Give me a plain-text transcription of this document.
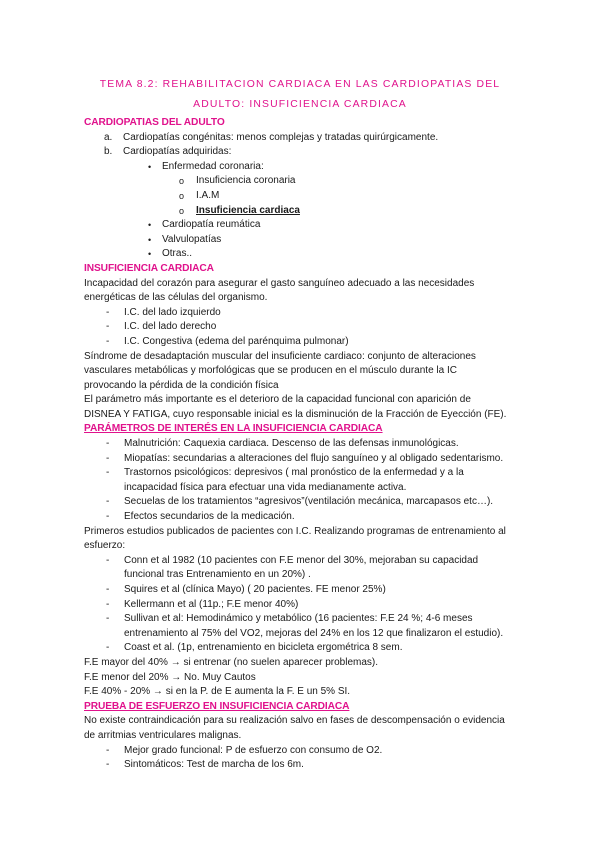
TEMA 8.2: REHABILITACION CARDIACA EN LAS CARDIOPATIAS DEL
ADULTO: INSUFICIENCIA CARDIACA
CARDIOPATIAS DEL ADULTO
a. Cardiopatías congénitas: menos complejas y tratadas quirúrgicamente.
b. Cardiopatías adquiridas:
• Enfermedad coronaria:
o Insuficiencia coronaria
o I.A.M
o Insuficiencia cardiaca
• Cardiopatía reumática
• Valvulopatías
• Otras..
INSUFICIENCIA CARDIACA
Incapacidad del corazón para asegurar el gasto sanguíneo adecuado a las necesidades
energéticas de las células del organismo.
- I.C. del lado izquierdo
- I.C. del lado derecho
- I.C. Congestiva (edema del parénquima pulmonar)
Síndrome de desadaptación muscular del insuficiente cardiaco: conjunto de alteraciones
vasculares metabólicas y morfológicas que se producen en el músculo durante la IC
provocando la pérdida de la condición física
El parámetro más importante es el deterioro de la capacidad funcional con aparición de
DISNEA Y FATIGA, cuyo responsable inicial es la disminución de la Fracción de Eyección (FE).
PARÁMETROS DE INTERÉS EN LA INSUFICIENCIA CARDIACA
- Malnutrición: Caquexia cardiaca. Descenso de las defensas inmunológicas.
- Miopatías: secundarias a alteraciones del flujo sanguíneo y al obligado sedentarismo.
- Trastornos psicológicos: depresivos ( mal pronóstico de la enfermedad y a la
incapacidad física para efectuar una vida medianamente activa.
- Secuelas de los tratamientos “agresivos”(ventilación mecánica, marcapasos etc…).
- Efectos secundarios de la medicación.
Primeros estudios publicados de pacientes con I.C. Realizando programas de entrenamiento al
esfuerzo:
- Conn et al 1982 (10 pacientes con F.E menor del 30%, mejoraban su capacidad
funcional tras Entrenamiento en un 20%) .
- Squires et al (clínica Mayo) ( 20 pacientes. FE menor 25%)
- Kellermann et al (11p.; F.E menor 40%)
- Sullivan et al: Hemodinámico y metabólico (16 pacientes: F.E 24 %; 4-6 meses
entrenamiento al 75% del VO2, mejoras del 24% en los 12 que finalizaron el estudio).
- Coast et al. (1p, entrenamiento en bicicleta ergométrica 8 sem.
F.E mayor del 40% → si entrenar (no suelen aparecer problemas).
F.E menor del 20% → No. Muy Cautos
F.E 40% - 20% → si en la P. de E aumenta la F. E un 5% SI.
PRUEBA DE ESFUERZO EN INSUFICIENCIA CARDIACA
No existe contraindicación para su realización salvo en fases de descompensación o evidencia
de arritmias ventriculares malignas.
- Mejor grado funcional: P de esfuerzo con consumo de O2.
- Sintomáticos: Test de marcha de los 6m.
